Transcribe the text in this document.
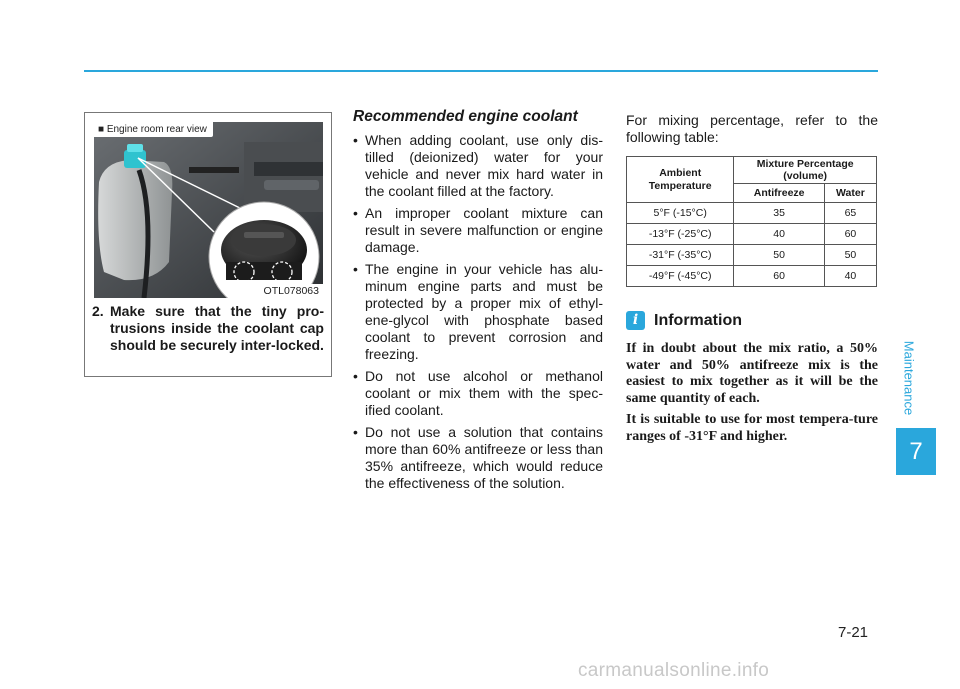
■ Engine room rear view
OTL078063
2. Make sure that the tiny pro-trusions inside the coolant cap should be securely inter-locked.
Recommended engine coolant
• When adding coolant, use only dis-tilled (deionized) water for your vehicle and never mix hard water in the coolant filled at the factory.
• An improper coolant mixture can result in severe malfunction or engine damage.
• The engine in your vehicle has alu-minum engine parts and must be protected by a proper mix of ethyl-ene-glycol with phosphate based coolant to prevent corrosion and freezing.
• Do not use alcohol or methanol coolant or mix them with the spec-ified coolant.
• Do not use a solution that contains more than 60% antifreeze or less than 35% antifreeze, which would reduce the effectiveness of the solution.

For mixing percentage, refer to the following table:

Ambient Temperature	Mixture Percentage (volume)	
	Antifreeze	Water
5°F (-15°C)	35	65
-13°F (-25°C)	40	60
-31°F (-35°C)	50	50
-49°F (-45°C)	60	40
i Information

If in doubt about the mix ratio, a 50% water and 50% antifreeze mix is the easiest to mix together as it will be the same quantity of each.

It is suitable to use for most tempera-ture ranges of -31°F and higher.

Maintenance
7
7-21
carmanualsonline.info
